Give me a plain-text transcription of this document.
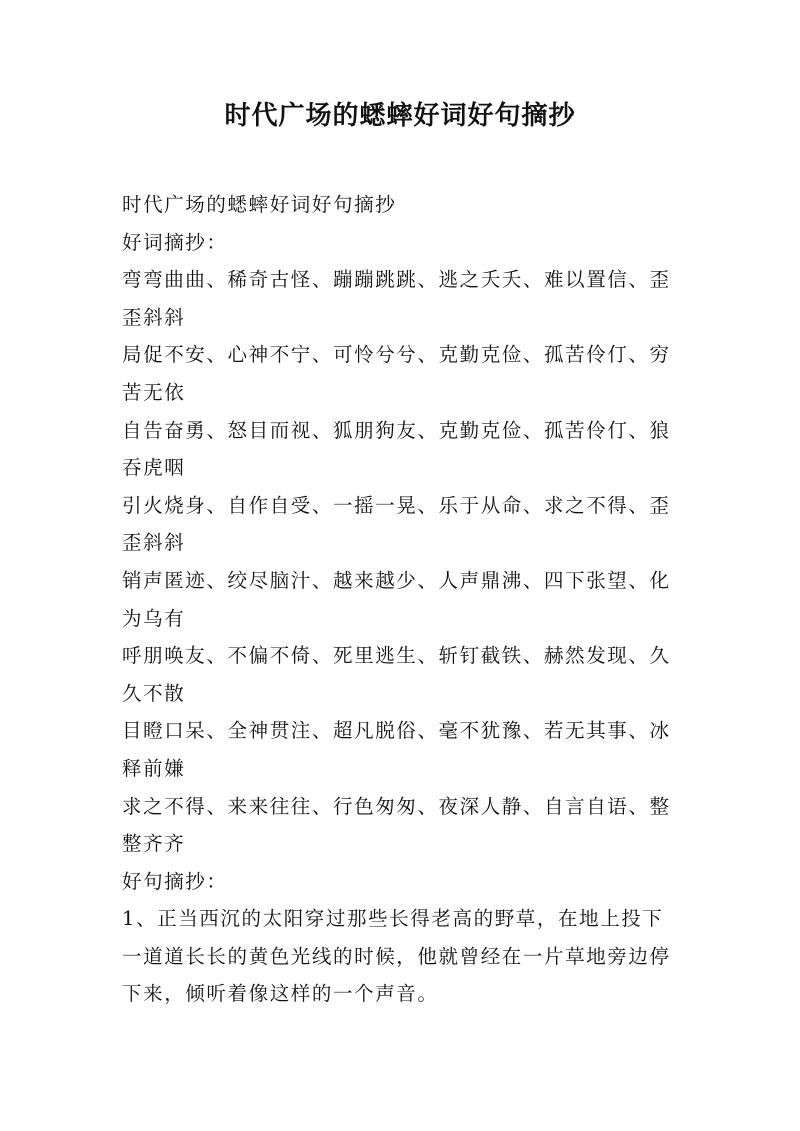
时代广场的蟋蟀好词好句摘抄

时代广场的蟋蟀好词好句摘抄

好词摘抄：

弯弯曲曲、稀奇古怪、蹦蹦跳跳、逃之夭夭、难以置信、歪

歪斜斜

局促不安、心神不宁、可怜兮兮、克勤克俭、孤苦伶仃、穷

苦无依

自告奋勇、怒目而视、狐朋狗友、克勤克俭、孤苦伶仃、狼

吞虎咽

引火烧身、自作自受、一摇一晃、乐于从命、求之不得、歪

歪斜斜

销声匿迹、绞尽脑汁、越来越少、人声鼎沸、四下张望、化

为乌有

呼朋唤友、不偏不倚、死里逃生、斩钉截铁、赫然发现、久

久不散

目瞪口呆、全神贯注、超凡脱俗、毫不犹豫、若无其事、冰

释前嫌

求之不得、来来往往、行色匆匆、夜深人静、自言自语、整

整齐齐

好句摘抄：

1、正当西沉的太阳穿过那些长得老高的野草，在地上投下

一道道长长的黄色光线的时候，他就曾经在一片草地旁边停

下来，倾听着像这样的一个声音。
